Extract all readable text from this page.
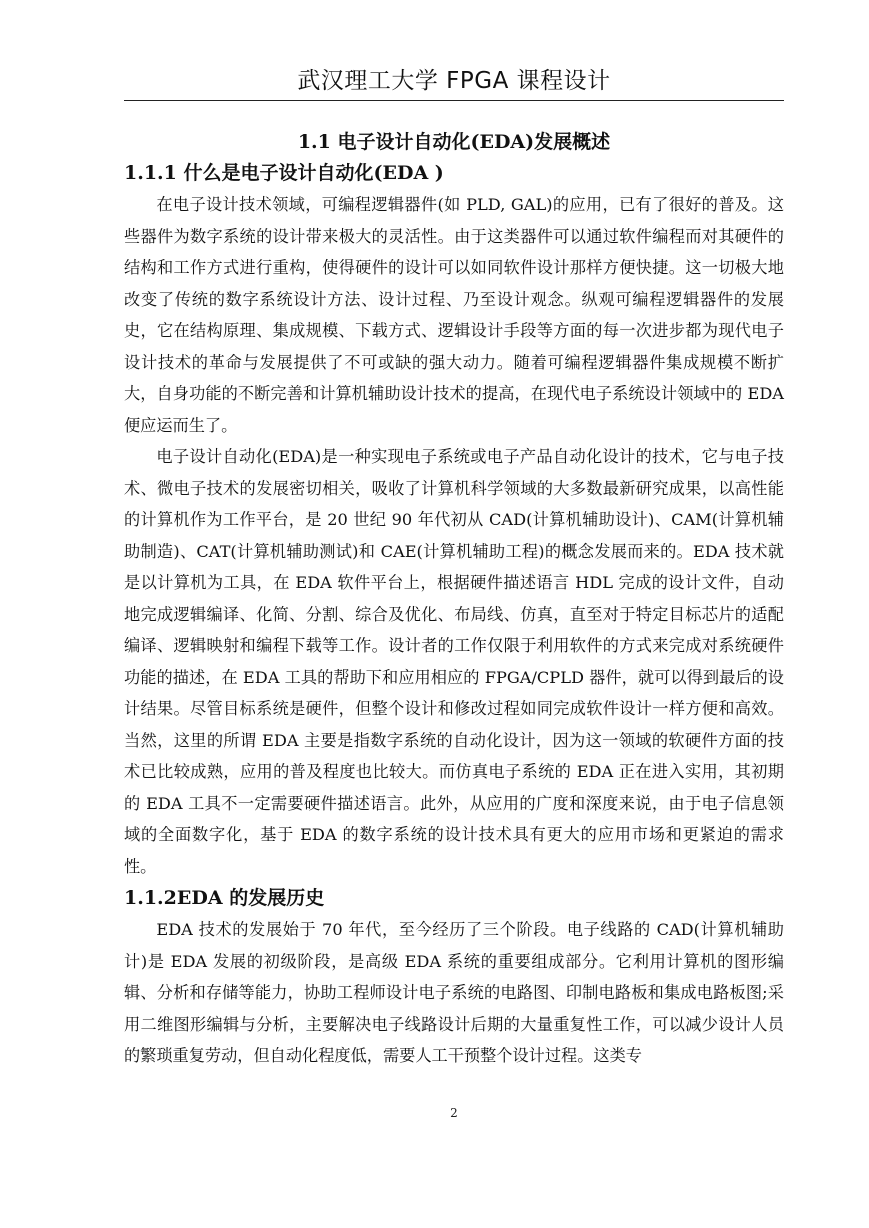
武汉理工大学 FPGA 课程设计
1.1 电子设计自动化(EDA)发展概述
1.1.1 什么是电子设计自动化(EDA )

在电子设计技术领域，可编程逻辑器件(如 PLD, GAL)的应用，已有了很好的普及。这些器件为数字系统的设计带来极大的灵活性。由于这类器件可以通过软件编程而对其硬件的结构和工作方式进行重构，使得硬件的设计可以如同软件设计那样方便快捷。这一切极大地改变了传统的数字系统设计方法、设计过程、乃至设计观念。纵观可编程逻辑器件的发展史，它在结构原理、集成规模、下载方式、逻辑设计手段等方面的每一次进步都为现代电子设计技术的革命与发展提供了不可或缺的强大动力。随着可编程逻辑器件集成规模不断扩大，自身功能的不断完善和计算机辅助设计技术的提高，在现代电子系统设计领域中的 EDA 便应运而生了。

电子设计自动化(EDA)是一种实现电子系统或电子产品自动化设计的技术，它与电子技术、微电子技术的发展密切相关，吸收了计算机科学领域的大多数最新研究成果，以高性能的计算机作为工作平台，是 20 世纪 90 年代初从 CAD(计算机辅助设计)、CAM(计算机辅助制造)、CAT(计算机辅助测试)和 CAE(计算机辅助工程)的概念发展而来的。EDA 技术就是以计算机为工具，在 EDA 软件平台上，根据硬件描述语言 HDL 完成的设计文件，自动地完成逻辑编译、化简、分割、综合及优化、布局线、仿真，直至对于特定目标芯片的适配编译、逻辑映射和编程下载等工作。设计者的工作仅限于利用软件的方式来完成对系统硬件功能的描述，在 EDA 工具的帮助下和应用相应的 FPGA/CPLD 器件，就可以得到最后的设计结果。尽管目标系统是硬件，但整个设计和修改过程如同完成软件设计一样方便和高效。当然，这里的所谓 EDA 主要是指数字系统的自动化设计，因为这一领域的软硬件方面的技术已比较成熟，应用的普及程度也比较大。而仿真电子系统的 EDA 正在进入实用，其初期的 EDA 工具不一定需要硬件描述语言。此外，从应用的广度和深度来说，由于电子信息领域的全面数字化，基于 EDA 的数字系统的设计技术具有更大的应用市场和更紧迫的需求性。

1.1.2EDA 的发展历史

EDA 技术的发展始于 70 年代，至今经历了三个阶段。电子线路的 CAD(计算机辅助计)是 EDA 发展的初级阶段，是高级 EDA 系统的重要组成部分。它利用计算机的图形编辑、分析和存储等能力，协助工程师设计电子系统的电路图、印制电路板和集成电路板图;采用二维图形编辑与分析，主要解决电子线路设计后期的大量重复性工作，可以减少设计人员的繁琐重复劳动，但自动化程度低，需要人工干预整个设计过程。这类专

2
